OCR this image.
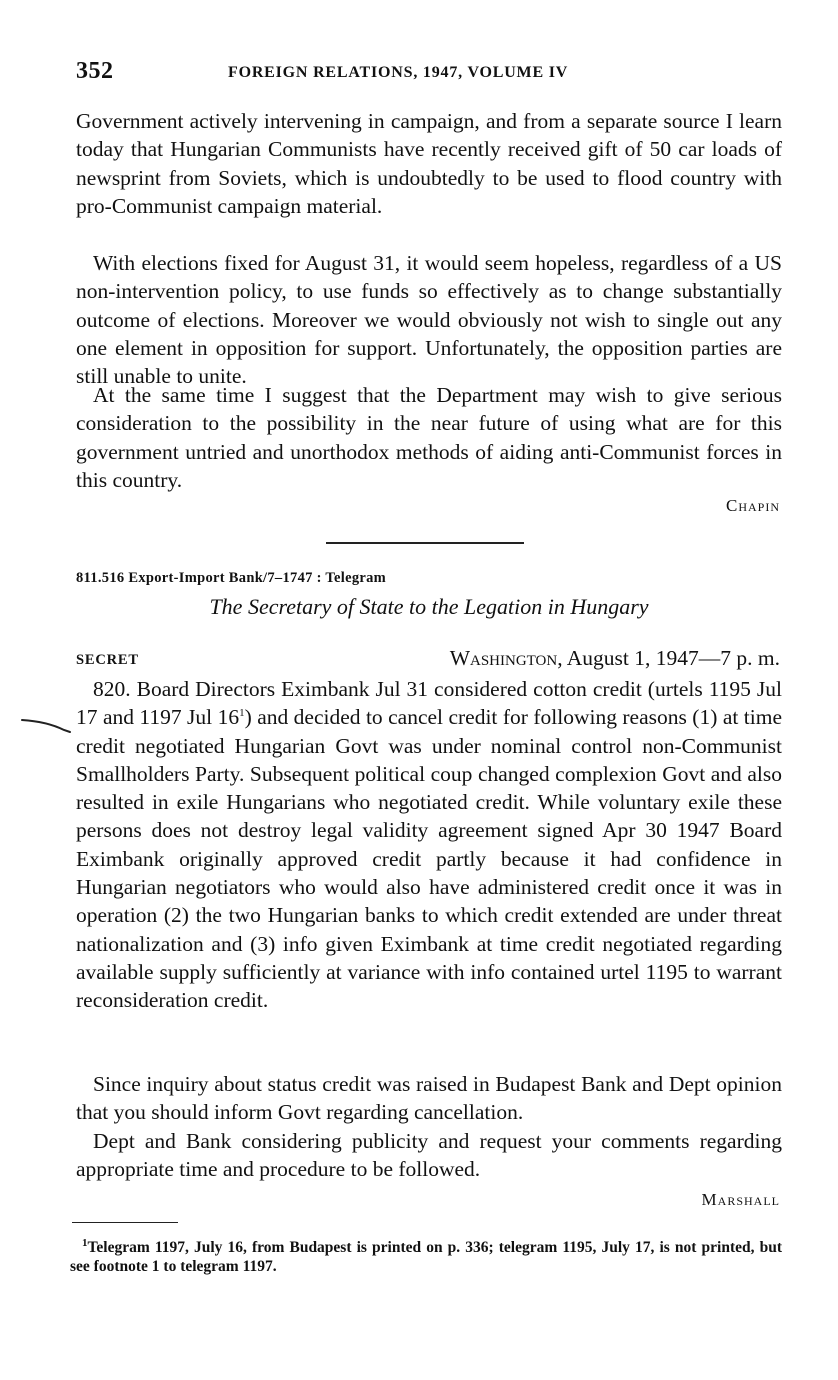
352	FOREIGN RELATIONS, 1947, VOLUME IV

Government actively intervening in campaign, and from a separate source I learn today that Hungarian Communists have recently received gift of 50 car loads of newsprint from Soviets, which is undoubtedly to be used to flood country with pro-Communist campaign material.

With elections fixed for August 31, it would seem hopeless, regardless of a US non-intervention policy, to use funds so effectively as to change substantially outcome of elections. Moreover we would obviously not wish to single out any one element in opposition for support. Unfortunately, the opposition parties are still unable to unite.

At the same time I suggest that the Department may wish to give serious consideration to the possibility in the near future of using what are for this government untried and unorthodox methods of aiding anti-Communist forces in this country.

Chapin
811.516 Export-Import Bank/7–1747 : Telegram
The Secretary of State to the Legation in Hungary
SECRET	Washington, August 1, 1947—7 p. m.

820. Board Directors Eximbank Jul 31 considered cotton credit (urtels 1195 Jul 17 and 1197 Jul $16^1$) and decided to cancel credit for following reasons (1) at time credit negotiated Hungarian Govt was under nominal control non-Communist Smallholders Party. Subsequent political coup changed complexion Govt and also resulted in exile Hungarians who negotiated credit. While voluntary exile these persons does not destroy legal validity agreement signed Apr 30 1947 Board Eximbank originally approved credit partly because it had confidence in Hungarian negotiators who would also have administered credit once it was in operation (2) the two Hungarian banks to which credit extended are under threat nationalization and (3) info given Eximbank at time credit negotiated regarding available supply sufficiently at variance with info contained urtel 1195 to warrant reconsideration credit.

Since inquiry about status credit was raised in Budapest Bank and Dept opinion that you should inform Govt regarding cancellation.

Dept and Bank considering publicity and request your comments regarding appropriate time and procedure to be followed.

Marshall

$^1$Telegram 1197, July 16, from Budapest is printed on p. 336; telegram 1195, July 17, is not printed, but see footnote 1 to telegram 1197.
